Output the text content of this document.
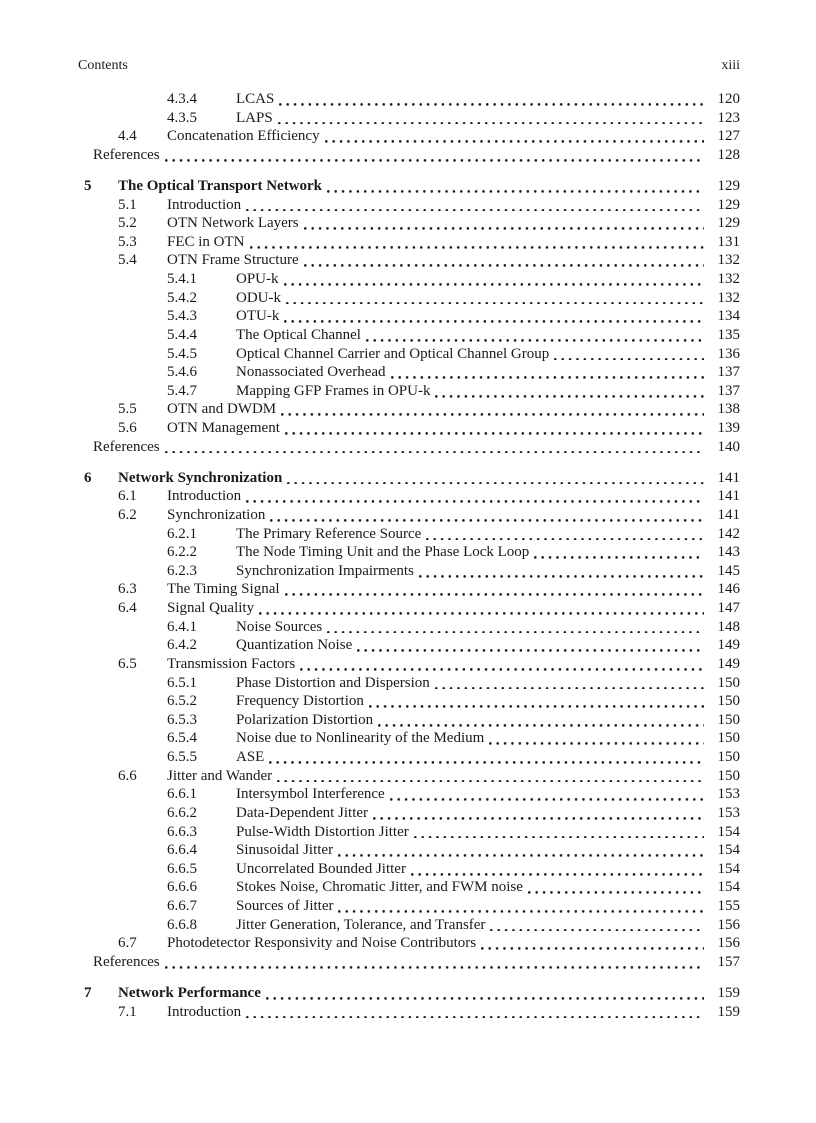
Contents	xiii
4.3.4	LCAS	120
4.3.5	LAPS	123
4.4	Concatenation Efficiency	127
References	128
5	The Optical Transport Network	129
5.1	Introduction	129
5.2	OTN Network Layers	129
5.3	FEC in OTN	131
5.4	OTN Frame Structure	132
5.4.1	OPU-k	132
5.4.2	ODU-k	132
5.4.3	OTU-k	134
5.4.4	The Optical Channel	135
5.4.5	Optical Channel Carrier and Optical Channel Group	136
5.4.6	Nonassociated Overhead	137
5.4.7	Mapping GFP Frames in OPU-k	137
5.5	OTN and DWDM	138
5.6	OTN Management	139
References	140
6	Network Synchronization	141
6.1	Introduction	141
6.2	Synchronization	141
6.2.1	The Primary Reference Source	142
6.2.2	The Node Timing Unit and the Phase Lock Loop	143
6.2.3	Synchronization Impairments	145
6.3	The Timing Signal	146
6.4	Signal Quality	147
6.4.1	Noise Sources	148
6.4.2	Quantization Noise	149
6.5	Transmission Factors	149
6.5.1	Phase Distortion and Dispersion	150
6.5.2	Frequency Distortion	150
6.5.3	Polarization Distortion	150
6.5.4	Noise due to Nonlinearity of the Medium	150
6.5.5	ASE	150
6.6	Jitter and Wander	150
6.6.1	Intersymbol Interference	153
6.6.2	Data-Dependent Jitter	153
6.6.3	Pulse-Width Distortion Jitter	154
6.6.4	Sinusoidal Jitter	154
6.6.5	Uncorrelated Bounded Jitter	154
6.6.6	Stokes Noise, Chromatic Jitter, and FWM noise	154
6.6.7	Sources of Jitter	155
6.6.8	Jitter Generation, Tolerance, and Transfer	156
6.7	Photodetector Responsivity and Noise Contributors	156
References	157
7	Network Performance	159
7.1	Introduction	159
